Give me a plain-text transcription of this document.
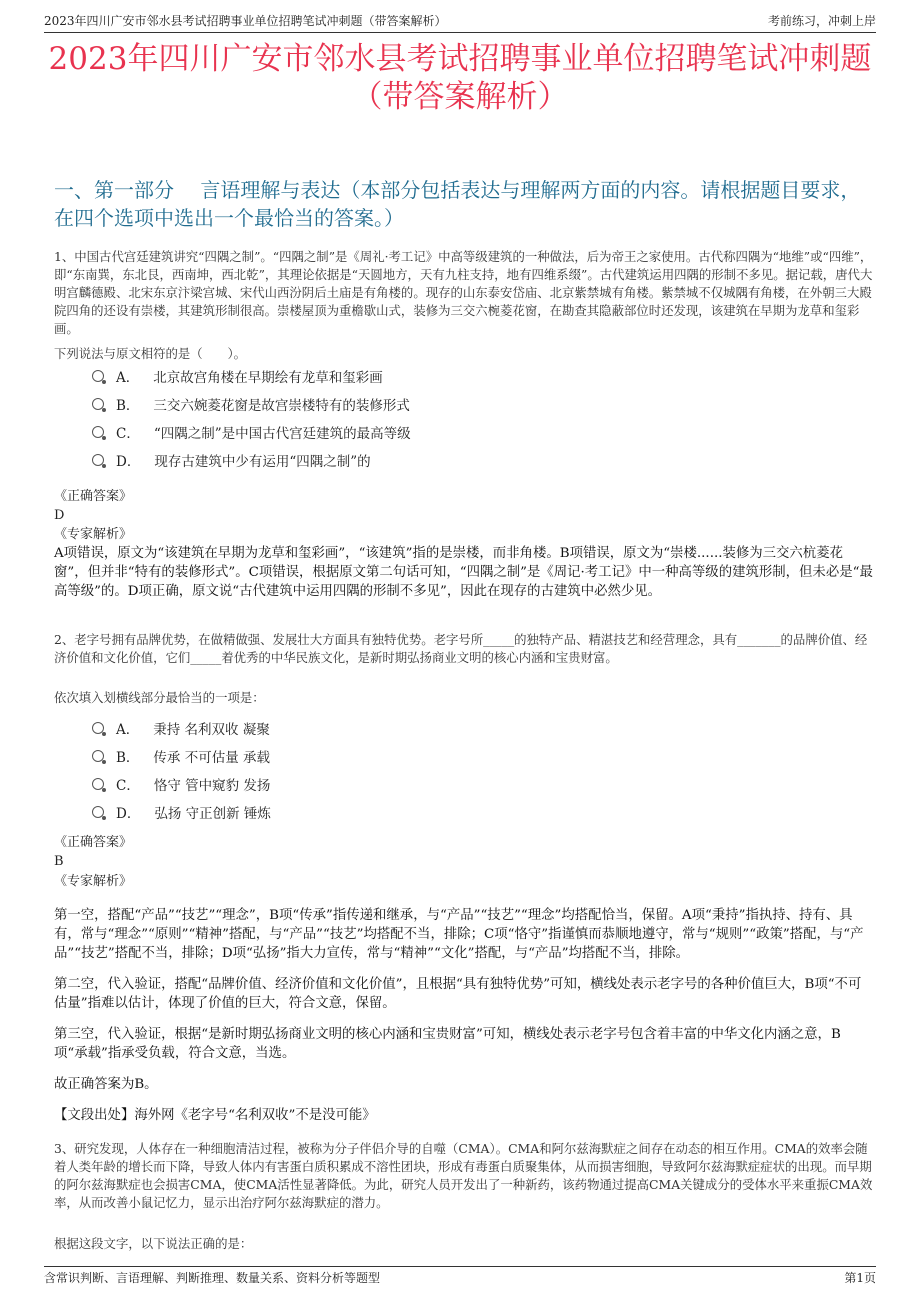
2023年四川广安市邻水县考试招聘事业单位招聘笔试冲刺题（带答案解析）	考前练习，冲刺上岸
2023年四川广安市邻水县考试招聘事业单位招聘笔试冲刺题
（带答案解析）
一、第一部分　 言语理解与表达（本部分包括表达与理解两方面的内容。请根据题目要求，在四个选项中选出一个最恰当的答案。）
1、中国古代宫廷建筑讲究“四隅之制”。“四隅之制”是《周礼·考工记》中高等级建筑的一种做法，后为帝王之家使用。古代称四隅为“地维”或“四维”，即“东南巽，东北艮，西南坤，西北乾”，其理论依据是“天圆地方，天有九柱支持，地有四维系缀”。古代建筑运用四隅的形制不多见。据记载，唐代大明宫麟德殿、北宋东京汴梁宫城、宋代山西汾阴后土庙是有角楼的。现存的山东泰安岱庙、北京紫禁城有角楼。紫禁城不仅城隅有角楼，在外朝三大殿院四角的还设有崇楼，其建筑形制很高。崇楼屋顶为重檐歇山式，装修为三交六椀菱花窗，在勘查其隐蔽部位时还发现，该建筑在早期为龙草和玺彩画。
下列说法与原文相符的是（　　）。
A． 北京故宫角楼在早期绘有龙草和玺彩画
B． 三交六婉菱花窗是故宫崇楼特有的装修形式
C． “四隅之制”是中国古代宫廷建筑的最高等级
D． 现存古建筑中少有运用“四隅之制”的
《正确答案》
D
《专家解析》
A项错误，原文为“该建筑在早期为龙草和玺彩画”，“该建筑”指的是崇楼，而非角楼。B项错误，原文为“崇楼......装修为三交六杭菱花窗”，但并非“特有的装修形式”。C项错误，根据原文第二句话可知，“四隅之制”是《周记·考工记》中一种高等级的建筑形制，但未必是“最高等级”的。D项正确，原文说“古代建筑中运用四隅的形制不多见”，因此在现存的古建筑中必然少见。
2、老字号拥有品牌优势，在做精做强、发展壮大方面具有独特优势。老字号所_____的独特产品、精湛技艺和经营理念，具有_______的品牌价值、经济价值和文化价值，它们_____着优秀的中华民族文化，是新时期弘扬商业文明的核心内涵和宝贵财富。
依次填入划横线部分最恰当的一项是：
A． 秉持 名利双收 凝聚
B． 传承 不可估量 承载
C． 恪守 管中窥豹 发扬
D． 弘扬 守正创新 锤炼
《正确答案》
B
《专家解析》

第一空，搭配“产品”“技艺”“理念”，B项“传承”指传递和继承，与“产品”“技艺”“理念”均搭配恰当，保留。A项“秉持”指执持、持有、具有，常与“理念”“原则”“精神”搭配，与“产品”“技艺”均搭配不当，排除；C项“恪守”指谨慎而恭顺地遵守，常与“规则”“政策”搭配，与“产品”“技艺”搭配不当，排除；D项“弘扬”指大力宣传，常与“精神”“文化”搭配，与“产品”均搭配不当，排除。

第二空，代入验证，搭配“品牌价值、经济价值和文化价值”，且根据“具有独特优势”可知，横线处表示老字号的各种价值巨大，B项“不可估量”指难以估计，体现了价值的巨大，符合文意，保留。

第三空，代入验证，根据“是新时期弘扬商业文明的核心内涵和宝贵财富”可知，横线处表示老字号包含着丰富的中华文化内涵之意，B项“承载”指承受负载，符合文意，当选。

故正确答案为B。

【文段出处】海外网《老字号“名利双收”不是没可能》
3、研究发现，人体存在一种细胞清洁过程，被称为分子伴侣介导的自噬（CMA）。CMA和阿尔兹海默症之间存在动态的相互作用。CMA的效率会随着人类年龄的增长而下降，导致人体内有害蛋白质积累成不溶性团块，形成有毒蛋白质聚集体，从而损害细胞，导致阿尔兹海默症症状的出现。而早期的阿尔兹海默症也会损害CMA，使CMA活性显著降低。为此，研究人员开发出了一种新药，该药物通过提高CMA关键成分的受体水平来重振CMA效率，从而改善小鼠记忆力，显示出治疗阿尔兹海默症的潜力。
根据这段文字，以下说法正确的是：
含常识判断、言语理解、判断推理、数量关系、资料分析等题型	第1页
